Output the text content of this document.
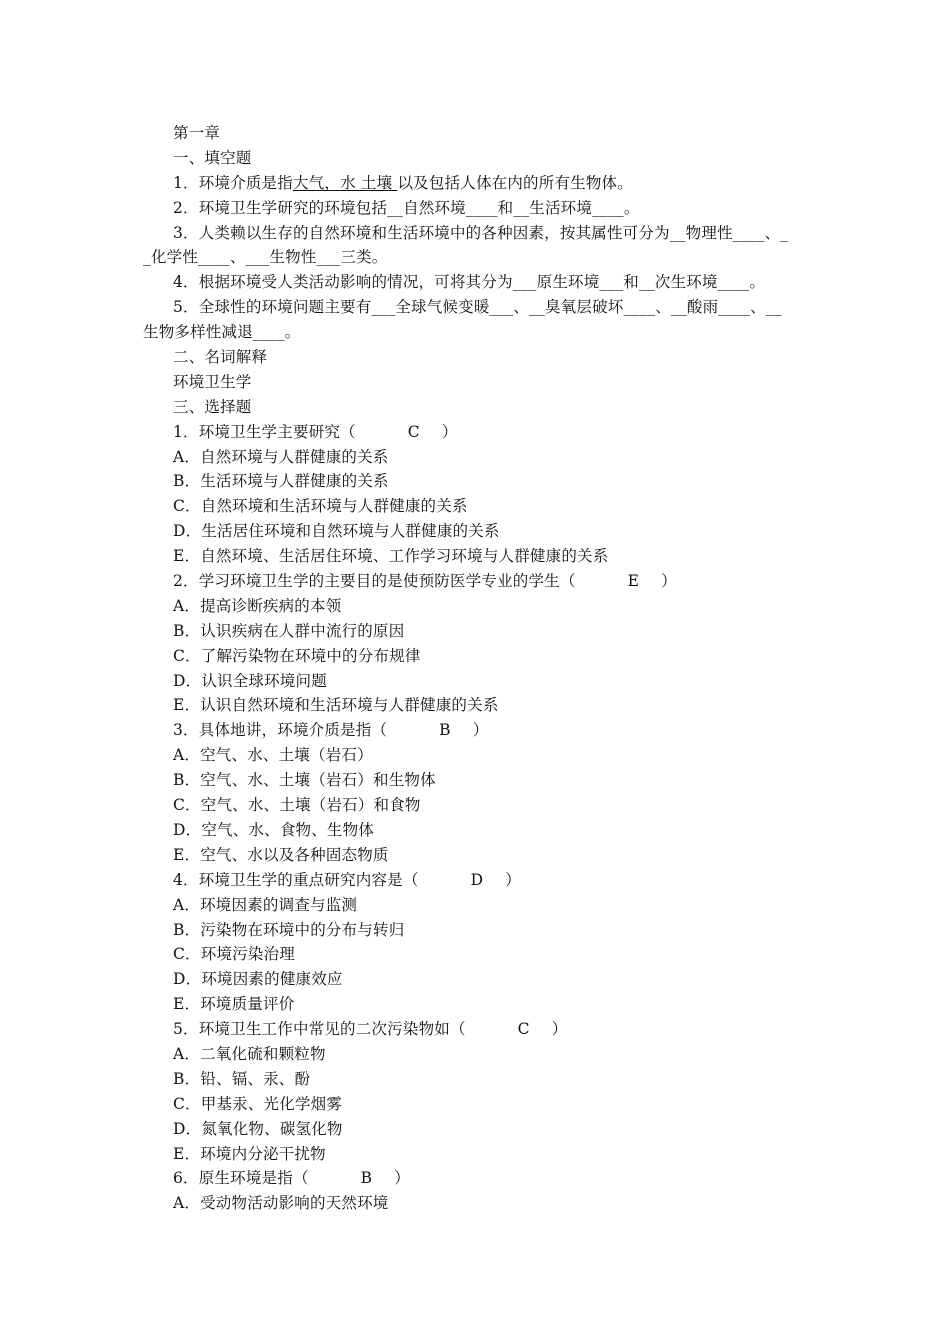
第一章
一、填空题
1．环境介质是指大气，水 土壤 以及包括人体在内的所有生物体。
2．环境卫生学研究的环境包括__自然环境____和__生活环境____。
3．人类赖以生存的自然环境和生活环境中的各种因素，按其属性可分为__物理性____、_
_化学性____、___生物性___三类。
4．根据环境受人类活动影响的情况，可将其分为___原生环境___和__次生环境____。
5．全球性的环境问题主要有___全球气候变暖___、__臭氧层破坏____、__酸雨____、__
生物多样性减退____。
二、名词解释
环境卫生学
三、选择题
1．环境卫生学主要研究（	C ）
A．自然环境与人群健康的关系
B．生活环境与人群健康的关系
C．自然环境和生活环境与人群健康的关系
D．生活居住环境和自然环境与人群健康的关系
E．自然环境、生活居住环境、工作学习环境与人群健康的关系
2．学习环境卫生学的主要目的是使预防医学专业的学生（	E ）
A．提高诊断疾病的本领
B．认识疾病在人群中流行的原因
C．了解污染物在环境中的分布规律
D．认识全球环境问题
E．认识自然环境和生活环境与人群健康的关系
3．具体地讲，环境介质是指（	B ）
A．空气、水、土壤（岩石）
B．空气、水、土壤（岩石）和生物体
C．空气、水、土壤（岩石）和食物
D．空气、水、食物、生物体
E．空气、水以及各种固态物质
4．环境卫生学的重点研究内容是（	D ）
A．环境因素的调查与监测
B．污染物在环境中的分布与转归
C．环境污染治理
D．环境因素的健康效应
E．环境质量评价
5．环境卫生工作中常见的二次污染物如（	C ）
A．二氧化硫和颗粒物
B．铅、镉、汞、酚
C．甲基汞、光化学烟雾
D．氮氧化物、碳氢化物
E．环境内分泌干扰物
6．原生环境是指（	B ）
A．受动物活动影响的天然环境
